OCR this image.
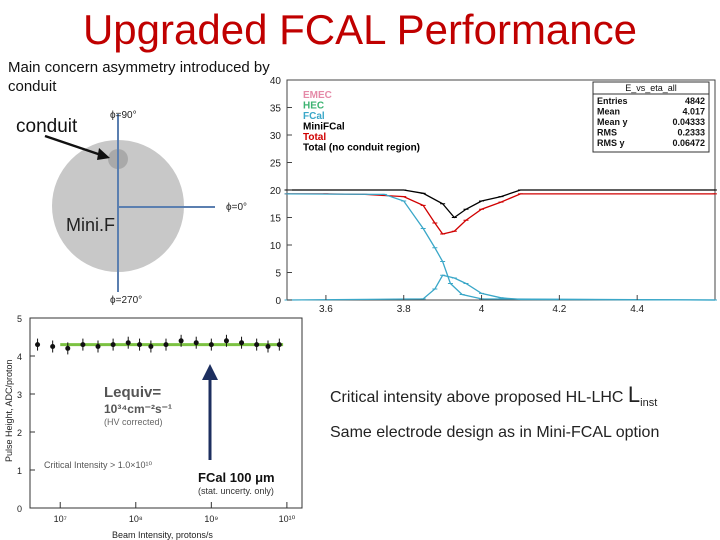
Upgraded FCAL Performance
Main concern asymmetry introduced by conduit
conduit
ϕ=90°
ϕ=0°
ϕ=270°
Mini.F
0
5
10
15
20
25
30
35
40
3.6	3.8	4	4.2	4.4
EMEC
HEC
FCal
MiniFCal
Total
Total (no conduit region)
E_vs_eta_all
Entries	4842
Mean	4.017
Mean y	0.04333
RMS	0.2333
RMS y	0.06472
0
1
2
3
4
5
10⁷	10⁸	10⁹	10¹⁰
Pulse Height, ADC/proton
Beam Intensity, protons/s
Lequiv=
10³⁴cm⁻²s⁻¹
(HV corrected)
Critical Intensity > 1.0×10¹⁰
FCal 100 μm
(stat. uncerty. only)
Critical intensity above proposed HL-LHC $L_{inst}$
Same electrode design as in Mini-FCAL option
